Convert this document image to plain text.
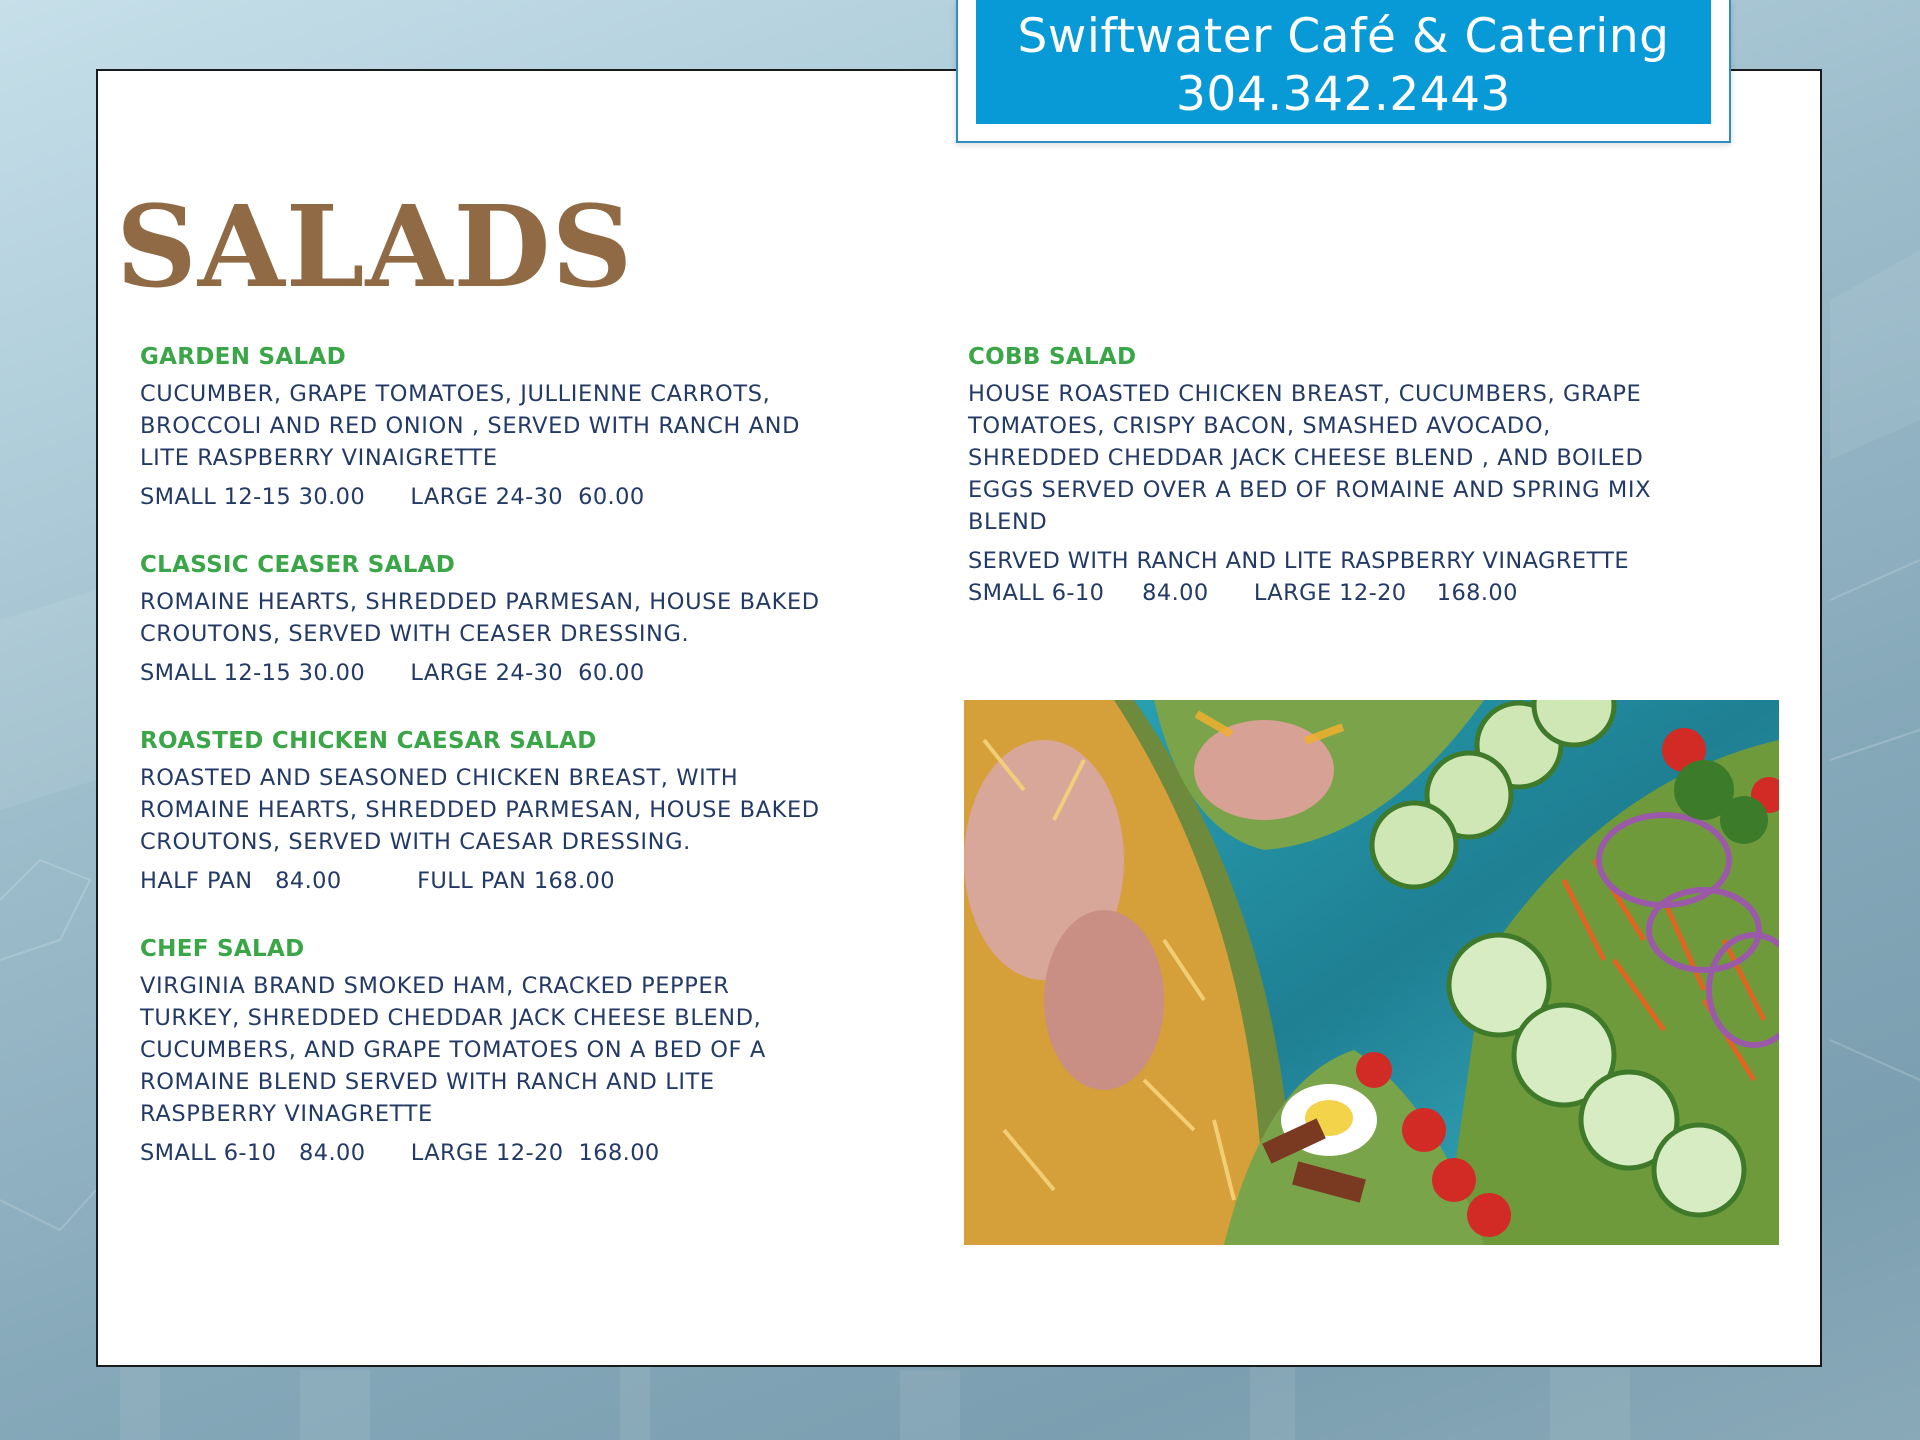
Swiftwater Café & Catering
304.342.2443
SALADS
GARDEN SALAD
CUCUMBER, GRAPE TOMATOES, JULLIENNE CARROTS,
BROCCOLI AND RED ONION , SERVED WITH RANCH AND
LITE RASPBERRY VINAIGRETTE
SMALL 12-15 30.00      LARGE 24-30  60.00
CLASSIC CEASER SALAD
ROMAINE HEARTS, SHREDDED PARMESAN, HOUSE BAKED
CROUTONS, SERVED WITH CEASER DRESSING.
SMALL 12-15 30.00      LARGE 24-30  60.00
ROASTED CHICKEN CAESAR SALAD
ROASTED AND SEASONED CHICKEN BREAST, WITH
ROMAINE HEARTS, SHREDDED PARMESAN, HOUSE BAKED
CROUTONS, SERVED WITH CAESAR DRESSING.
HALF PAN   84.00          FULL PAN 168.00
CHEF SALAD
VIRGINIA BRAND SMOKED HAM, CRACKED PEPPER
TURKEY, SHREDDED CHEDDAR JACK CHEESE BLEND,
CUCUMBERS, AND GRAPE TOMATOES ON A BED OF A
ROMAINE BLEND SERVED WITH RANCH AND LITE
RASPBERRY VINAGRETTE
SMALL 6-10   84.00      LARGE 12-20  168.00
COBB SALAD
HOUSE ROASTED CHICKEN BREAST, CUCUMBERS, GRAPE
TOMATOES, CRISPY BACON, SMASHED AVOCADO,
SHREDDED CHEDDAR JACK CHEESE BLEND , AND BOILED
EGGS SERVED OVER A BED OF ROMAINE AND SPRING MIX
BLEND
SERVED WITH RANCH AND LITE RASPBERRY VINAGRETTE
SMALL 6-10     84.00      LARGE 12-20    168.00
